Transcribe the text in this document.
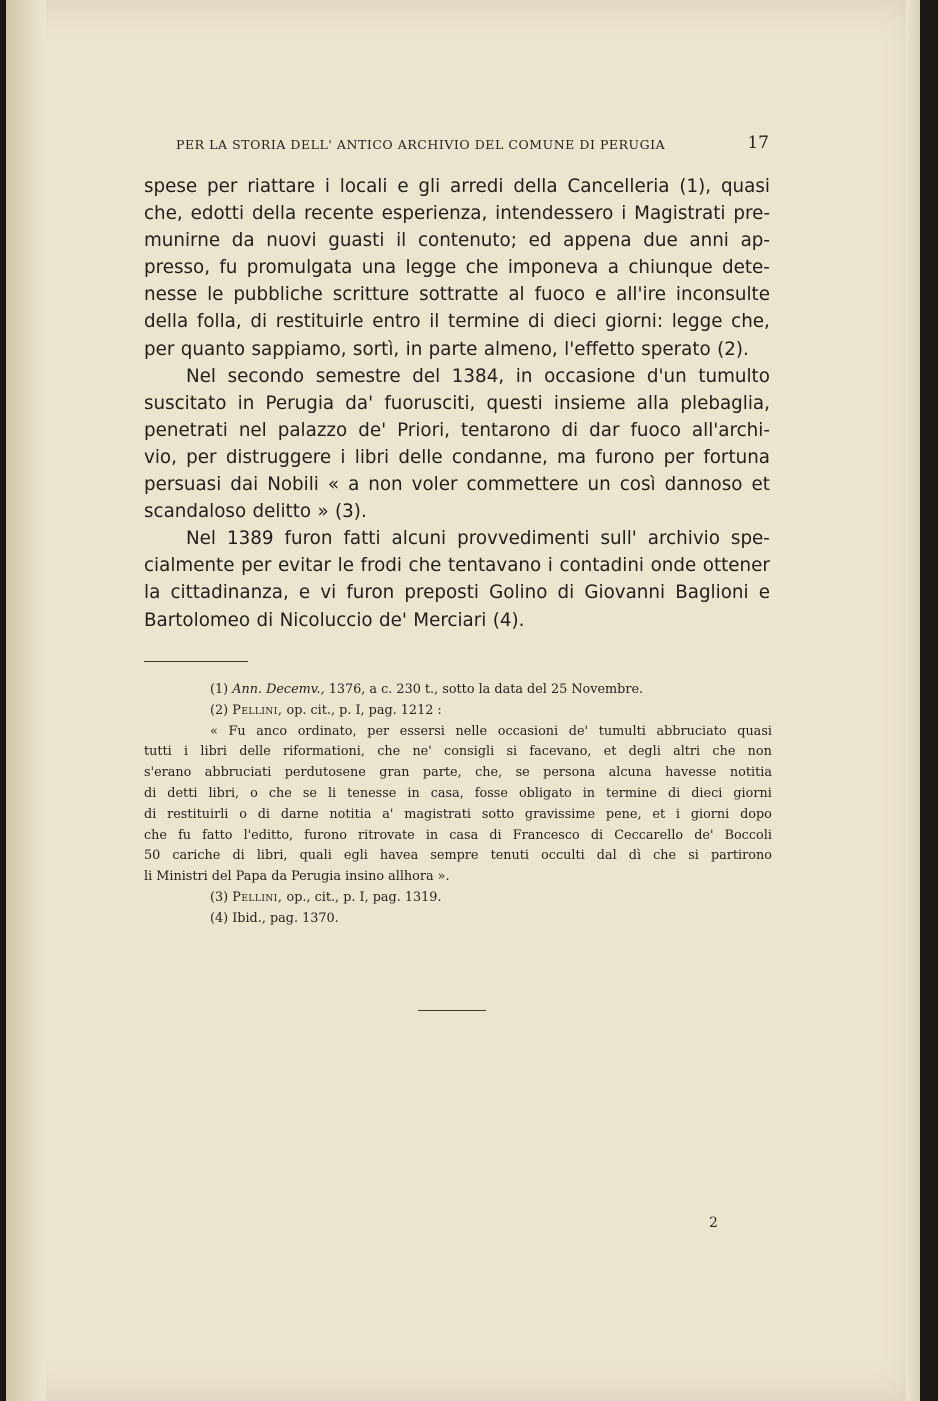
PER LA STORIA DELL' ANTICO ARCHIVIO DEL COMUNE DI PERUGIA	17
spese per riattare i locali e gli arredi della Cancelleria (1), quasi
che, edotti della recente esperienza, intendessero i Magistrati pre-
munirne da nuovi guasti il contenuto; ed appena due anni ap-
presso, fu promulgata una legge che imponeva a chiunque dete-
nesse le pubbliche scritture sottratte al fuoco e all'ire inconsulte
della folla, di restituirle entro il termine di dieci giorni: legge che,
per quanto sappiamo, sortì, in parte almeno, l'effetto sperato (2).
Nel secondo semestre del 1384, in occasione d'un tumulto
suscitato in Perugia da' fuorusciti, questi insieme alla plebaglia,
penetrati nel palazzo de' Priori, tentarono di dar fuoco all'archi-
vio, per distruggere i libri delle condanne, ma furono per fortuna
persuasi dai Nobili « a non voler commettere un così dannoso et
scandaloso delitto » (3).
Nel 1389 furon fatti alcuni provvedimenti sull' archivio spe-
cialmente per evitar le frodi che tentavano i contadini onde ottener
la cittadinanza, e vi furon preposti Golino di Giovanni Baglioni e
Bartolomeo di Nicoluccio de' Merciari (4).
(1) Ann. Decemv., 1376, a c. 230 t., sotto la data del 25 Novembre.
(2) Pellini, op. cit., p. I, pag. 1212 :
« Fu anco ordinato, per essersi nelle occasioni de' tumulti abbruciato quasi
tutti i libri delle riformationi, che ne' consigli si facevano, et degli altri che non
s'erano abbruciati perdutosene gran parte, che, se persona alcuna havesse notitia
di detti libri, o che se li tenesse in casa, fosse obligato in termine di dieci giorni
di restituirli o di darne notitia a' magistrati sotto gravissime pene, et i giorni dopo
che fu fatto l'editto, furono ritrovate in casa di Francesco di Ceccarello de' Boccoli
50 cariche di libri, quali egli havea sempre tenuti occulti dal dì che si partirono
li Ministri del Papa da Perugia insino allhora ».
(3) Pellini, op., cit., p. I, pag. 1319.
(4) Ibid., pag. 1370.
2
